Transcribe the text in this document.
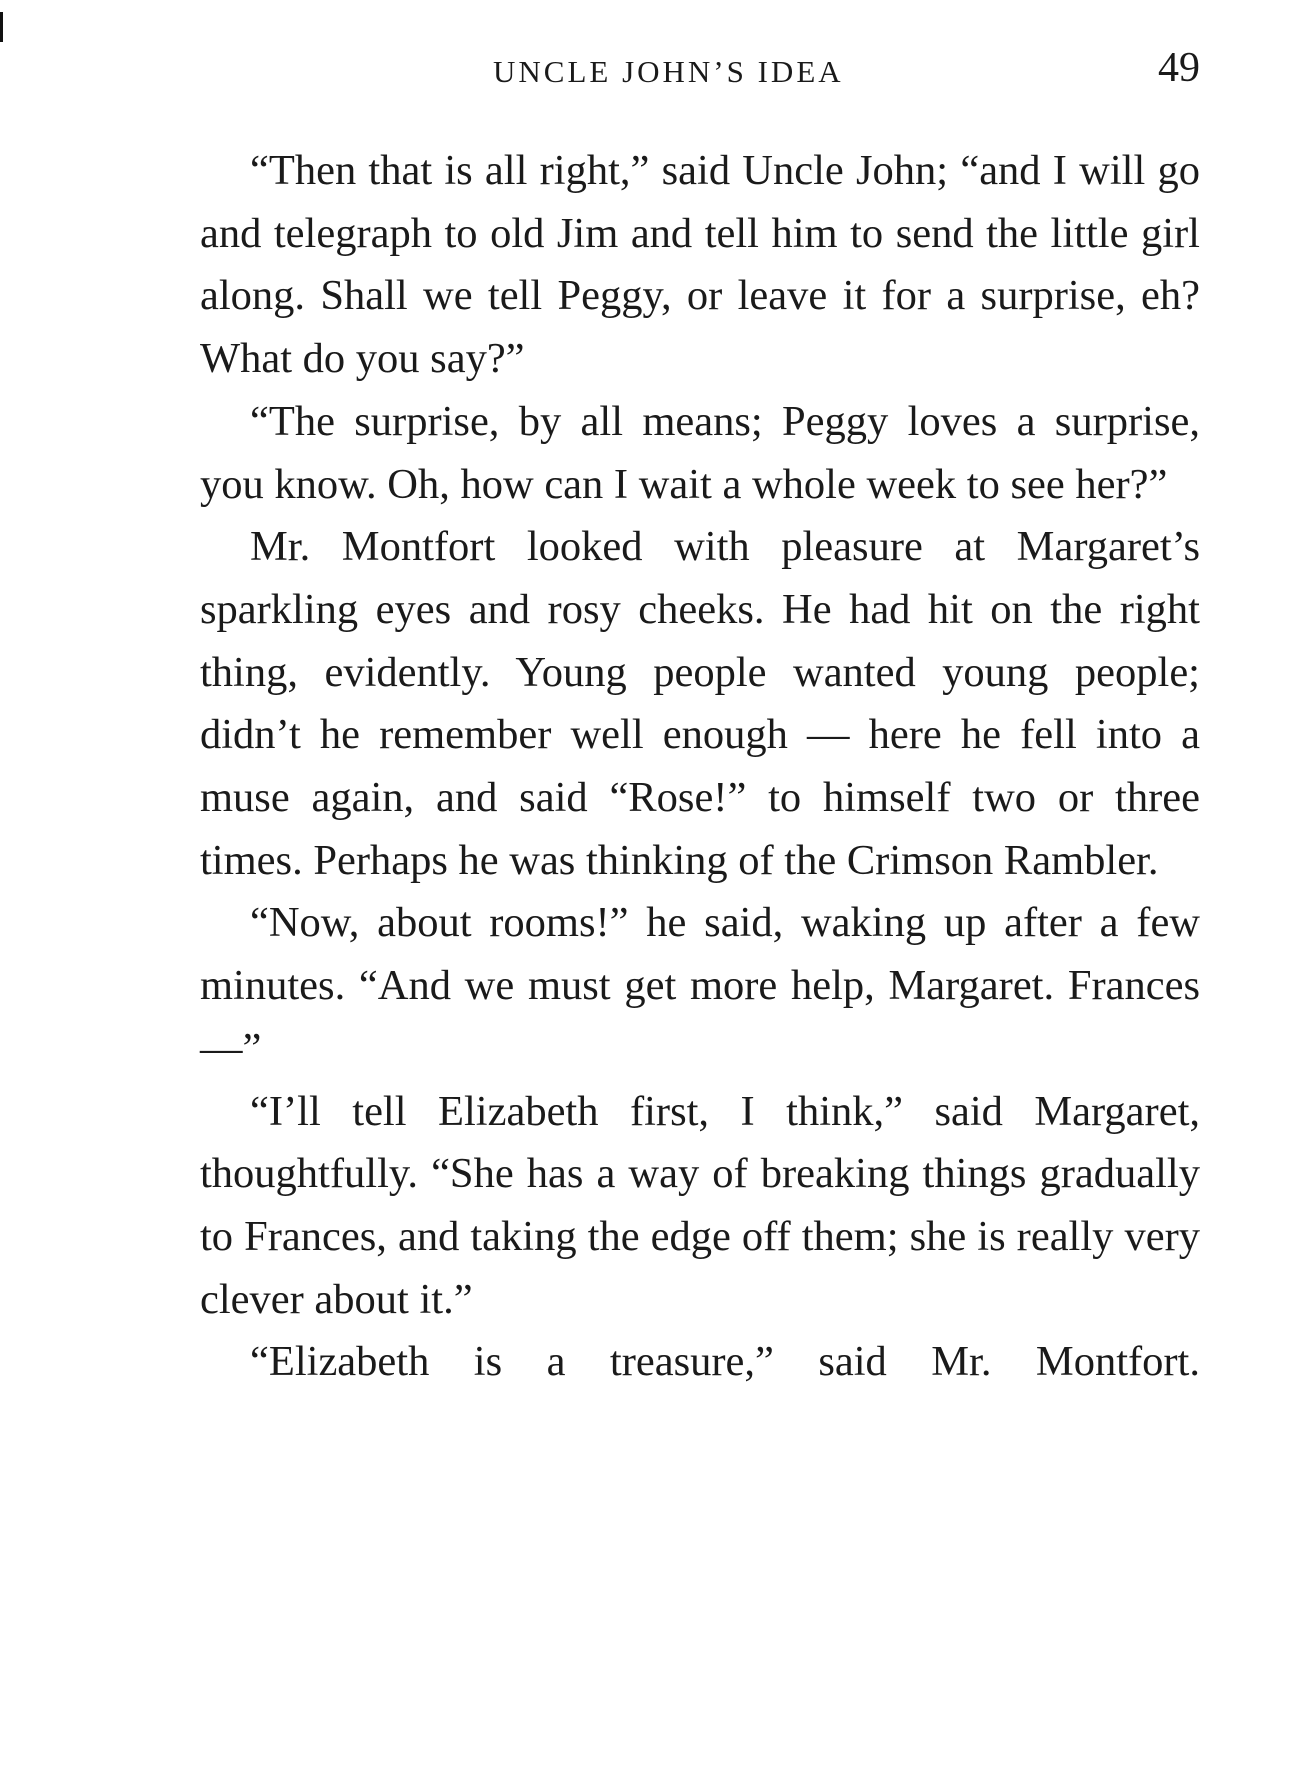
UNCLE JOHN’S IDEA	49

“Then that is all right,” said Uncle John; “and I will go and telegraph to old Jim and tell him to send the little girl along. Shall we tell Peggy, or leave it for a surprise, eh? What do you say?”

“The surprise, by all means; Peggy loves a surprise, you know. Oh, how can I wait a whole week to see her?”

Mr. Montfort looked with pleasure at Margaret’s sparkling eyes and rosy cheeks. He had hit on the right thing, evidently. Young people wanted young people; didn’t he remember well enough — here he fell into a muse again, and said “Rose!” to himself two or three times. Perhaps he was thinking of the Crimson Rambler.

“Now, about rooms!” he said, waking up after a few minutes. “And we must get more help, Margaret. Frances —”

“I’ll tell Elizabeth first, I think,” said Margaret, thoughtfully. “She has a way of breaking things gradually to Frances, and taking the edge off them; she is really very clever about it.”

“Elizabeth is a treasure,” said Mr. Montfort.
